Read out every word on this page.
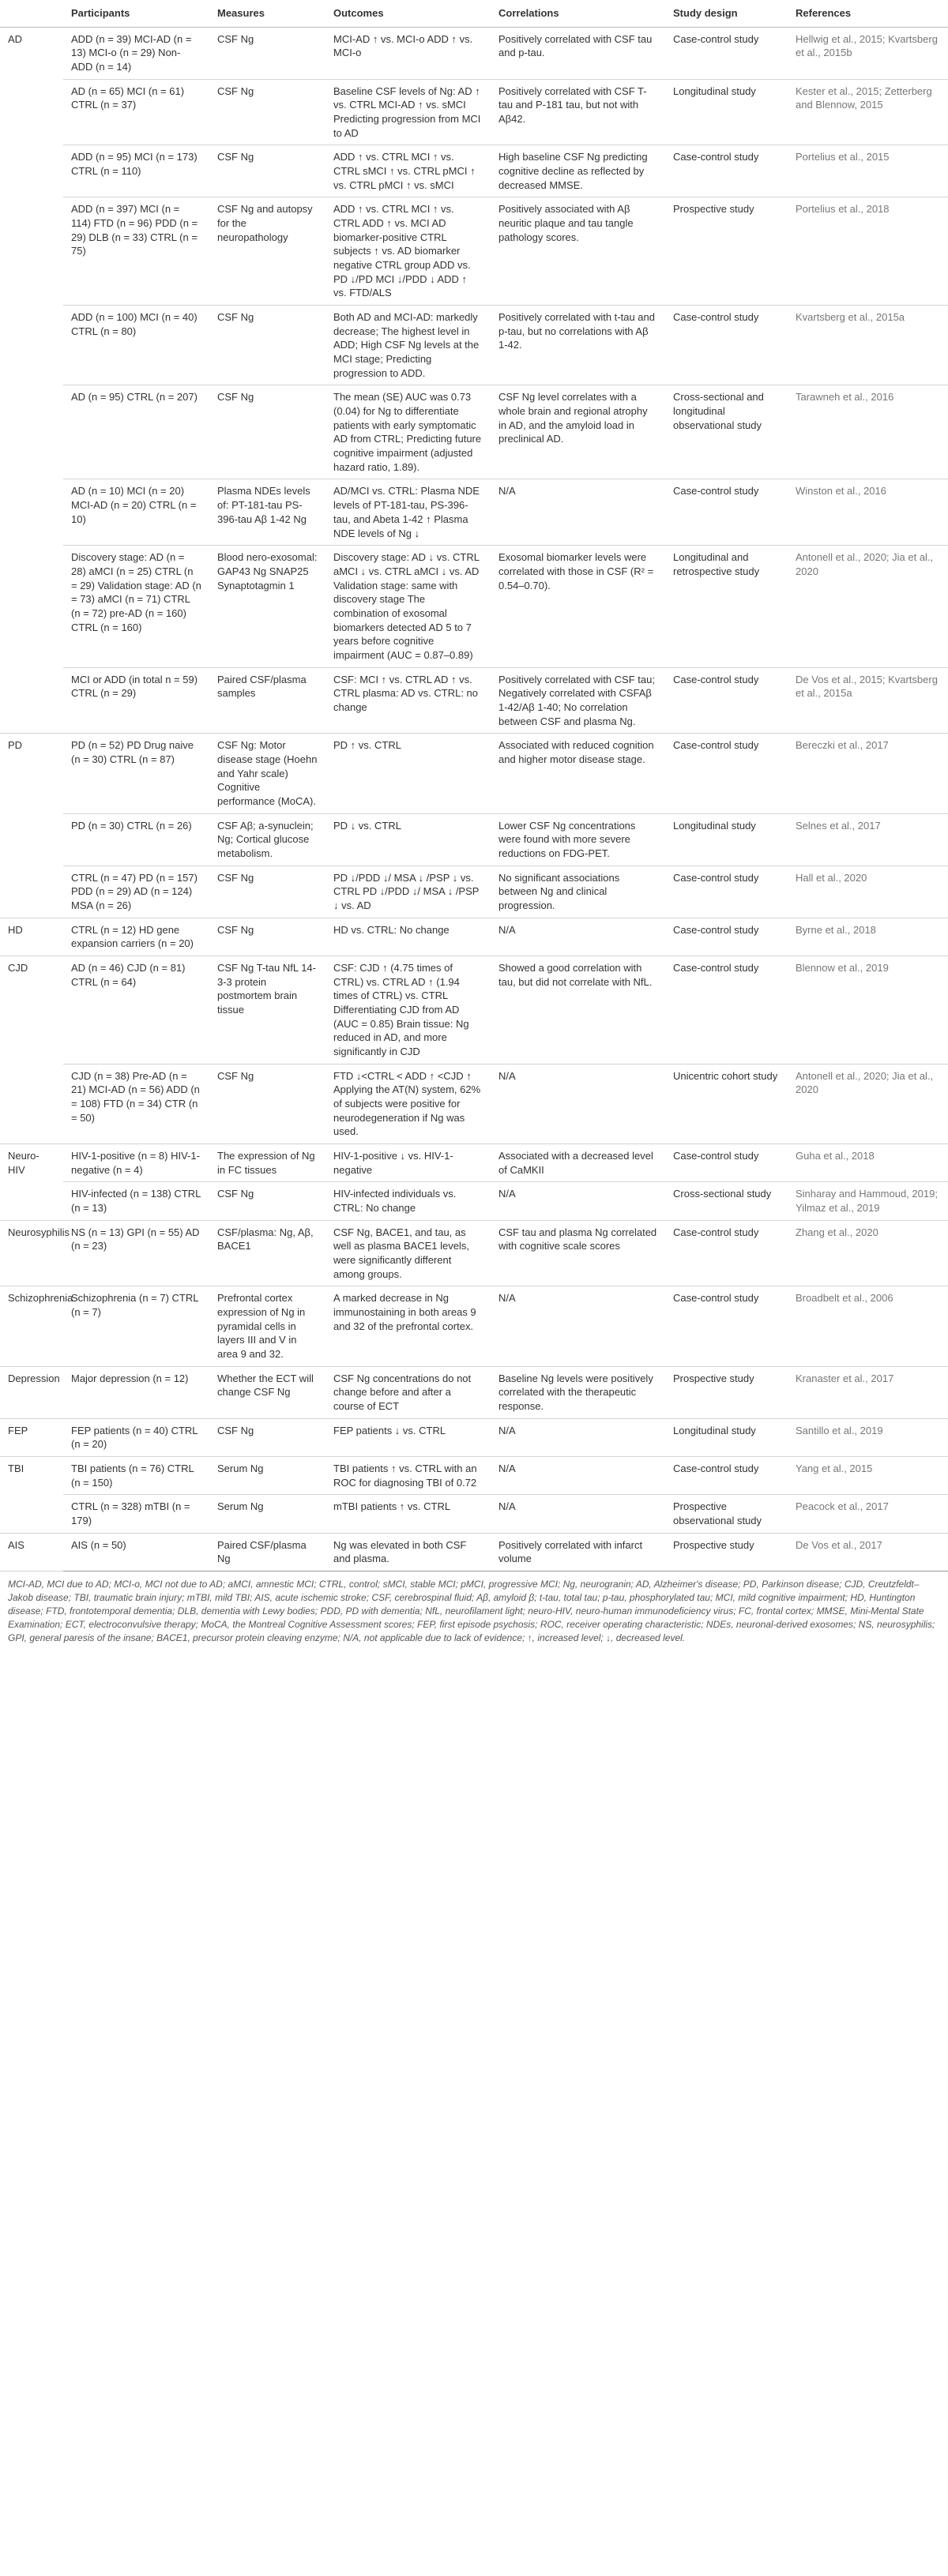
	Participants	Measures	Outcomes	Correlations	Study design	References
AD	ADD (n = 39) MCI-AD (n = 13) MCI-o (n = 29) Non-ADD (n = 14)	CSF Ng	MCI-AD ↑ vs. MCI-o ADD ↑ vs. MCI-o	Positively correlated with CSF tau and p-tau.	Case-control study	Hellwig et al., 2015; Kvartsberg et al., 2015b
	AD (n = 65) MCI (n = 61) CTRL (n = 37)	CSF Ng	Baseline CSF levels of Ng: AD ↑ vs. CTRL MCI-AD ↑ vs. sMCI Predicting progression from MCI to AD	Positively correlated with CSF T-tau and P-181 tau, but not with Aβ42.	Longitudinal study	Kester et al., 2015; Zetterberg and Blennow, 2015
	ADD (n = 95) MCI (n = 173) CTRL (n = 110)	CSF Ng	ADD ↑ vs. CTRL MCI ↑ vs. CTRL sMCI ↑ vs. CTRL pMCI ↑ vs. CTRL pMCI ↑ vs. sMCI	High baseline CSF Ng predicting cognitive decline as reflected by decreased MMSE.	Case-control study	Portelius et al., 2015
	ADD (n = 397) MCI (n = 114) FTD (n = 96) PDD (n = 29) DLB (n = 33) CTRL (n = 75)	CSF Ng and autopsy for the neuropathology	ADD ↑ vs. CTRL MCI ↑ vs. CTRL ADD ↑ vs. MCI AD biomarker-positive CTRL subjects ↑ vs. AD biomarker negative CTRL group ADD vs. PD ↓/PD MCI ↓/PDD ↓ ADD ↑ vs. FTD/ALS	Positively associated with Aβ neuritic plaque and tau tangle pathology scores.	Prospective study	Portelius et al., 2018
	ADD (n = 100) MCI (n = 40) CTRL (n = 80)	CSF Ng	Both AD and MCI-AD: markedly decrease; The highest level in ADD; High CSF Ng levels at the MCI stage; Predicting progression to ADD.	Positively correlated with t-tau and p-tau, but no correlations with Aβ 1-42.	Case-control study	Kvartsberg et al., 2015a
	AD (n = 95) CTRL (n = 207)	CSF Ng	The mean (SE) AUC was 0.73 (0.04) for Ng to differentiate patients with early symptomatic AD from CTRL; Predicting future cognitive impairment (adjusted hazard ratio, 1.89).	CSF Ng level correlates with a whole brain and regional atrophy in AD, and the amyloid load in preclinical AD.	Cross-sectional and longitudinal observational study	Tarawneh et al., 2016
	AD (n = 10) MCI (n = 20) MCI-AD (n = 20) CTRL (n = 10)	Plasma NDEs levels of: PT-181-tau PS-396-tau Aβ 1-42 Ng	AD/MCI vs. CTRL: Plasma NDE levels of PT-181-tau, PS-396-tau, and Abeta 1-42 ↑ Plasma NDE levels of Ng ↓	N/A	Case-control study	Winston et al., 2016
	Discovery stage: AD (n = 28) aMCI (n = 25) CTRL (n = 29) Validation stage: AD (n = 73) aMCI (n = 71) CTRL (n = 72) pre-AD (n = 160) CTRL (n = 160)	Blood nero-exosomal: GAP43 Ng SNAP25 Synaptotagmin 1	Discovery stage: AD ↓ vs. CTRL aMCI ↓ vs. CTRL aMCI ↓ vs. AD Validation stage: same with discovery stage The combination of exosomal biomarkers detected AD 5 to 7 years before cognitive impairment (AUC = 0.87–0.89)	Exosomal biomarker levels were correlated with those in CSF (R² = 0.54–0.70).	Longitudinal and retrospective study	Antonell et al., 2020; Jia et al., 2020
	MCI or ADD (in total n = 59) CTRL (n = 29)	Paired CSF/plasma samples	CSF: MCI ↑ vs. CTRL AD ↑ vs. CTRL plasma: AD vs. CTRL: no change	Positively correlated with CSF tau; Negatively correlated with CSFAβ 1-42/Aβ 1-40; No correlation between CSF and plasma Ng.	Case-control study	De Vos et al., 2015; Kvartsberg et al., 2015a
PD	PD (n = 52) PD Drug naive (n = 30) CTRL (n = 87)	CSF Ng: Motor disease stage (Hoehn and Yahr scale) Cognitive performance (MoCA).	PD ↑ vs. CTRL	Associated with reduced cognition and higher motor disease stage.	Case-control study	Bereczki et al., 2017
	PD (n = 30) CTRL (n = 26)	CSF Aβ; a-synuclein; Ng; Cortical glucose metabolism.	PD ↓ vs. CTRL	Lower CSF Ng concentrations were found with more severe reductions on FDG-PET.	Longitudinal study	Selnes et al., 2017
	CTRL (n = 47) PD (n = 157) PDD (n = 29) AD (n = 124) MSA (n = 26)	CSF Ng	PD ↓/PDD ↓/ MSA ↓ /PSP ↓ vs. CTRL PD ↓/PDD ↓/ MSA ↓ /PSP ↓ vs. AD	No significant associations between Ng and clinical progression.	Case-control study	Hall et al., 2020
HD	CTRL (n = 12) HD gene expansion carriers (n = 20)	CSF Ng	HD vs. CTRL: No change	N/A	Case-control study	Byrne et al., 2018
CJD	AD (n = 46) CJD (n = 81) CTRL (n = 64)	CSF Ng T-tau NfL 14-3-3 protein postmortem brain tissue	CSF: CJD ↑ (4.75 times of CTRL) vs. CTRL AD ↑ (1.94 times of CTRL) vs. CTRL Differentiating CJD from AD (AUC = 0.85) Brain tissue: Ng reduced in AD, and more significantly in CJD	Showed a good correlation with tau, but did not correlate with NfL.	Case-control study	Blennow et al., 2019
	CJD (n = 38) Pre-AD (n = 21) MCI-AD (n = 56) ADD (n = 108) FTD (n = 34) CTR (n = 50)	CSF Ng	FTD ↓<CTRL < ADD ↑ <CJD ↑ Applying the AT(N) system, 62% of subjects were positive for neurodegeneration if Ng was used.	N/A	Unicentric cohort study	Antonell et al., 2020; Jia et al., 2020
Neuro-HIV	HIV-1-positive (n = 8) HIV-1-negative (n = 4)	The expression of Ng in FC tissues	HIV-1-positive ↓ vs. HIV-1-negative	Associated with a decreased level of CaMKII	Case-control study	Guha et al., 2018
	HIV-infected (n = 138) CTRL (n = 13)	CSF Ng	HIV-infected individuals vs. CTRL: No change	N/A	Cross-sectional study	Sinharay and Hammoud, 2019; Yilmaz et al., 2019
Neurosyphilis	NS (n = 13) GPI (n = 55) AD (n = 23)	CSF/plasma: Ng, Aβ, BACE1	CSF Ng, BACE1, and tau, as well as plasma BACE1 levels, were significantly different among groups.	CSF tau and plasma Ng correlated with cognitive scale scores	Case-control study	Zhang et al., 2020
Schizophrenia	Schizophrenia (n = 7) CTRL (n = 7)	Prefrontal cortex expression of Ng in pyramidal cells in layers III and V in area 9 and 32.	A marked decrease in Ng immunostaining in both areas 9 and 32 of the prefrontal cortex.	N/A	Case-control study	Broadbelt et al., 2006
Depression	Major depression (n = 12)	Whether the ECT will change CSF Ng	CSF Ng concentrations do not change before and after a course of ECT	Baseline Ng levels were positively correlated with the therapeutic response.	Prospective study	Kranaster et al., 2017
FEP	FEP patients (n = 40) CTRL (n = 20)	CSF Ng	FEP patients ↓ vs. CTRL	N/A	Longitudinal study	Santillo et al., 2019
TBI	TBI patients (n = 76) CTRL (n = 150)	Serum Ng	TBI patients ↑ vs. CTRL with an ROC for diagnosing TBI of 0.72	N/A	Case-control study	Yang et al., 2015
	CTRL (n = 328) mTBI (n = 179)	Serum Ng	mTBI patients ↑ vs. CTRL	N/A	Prospective observational study	Peacock et al., 2017
AIS	AIS (n = 50)	Paired CSF/plasma Ng	Ng was elevated in both CSF and plasma.	Positively correlated with infarct volume	Prospective study	De Vos et al., 2017
MCI-AD, MCI due to AD; MCI-o, MCI not due to AD; aMCI, amnestic MCI; CTRL, control; sMCI, stable MCI; pMCI, progressive MCI; Ng, neurogranin; AD, Alzheimer's disease; PD, Parkinson disease; CJD, Creutzfeldt–Jakob disease; TBI, traumatic brain injury; mTBI, mild TBI; AIS, acute ischemic stroke; CSF, cerebrospinal fluid; Aβ, amyloid β; t-tau, total tau; p-tau, phosphorylated tau; MCI, mild cognitive impairment; HD, Huntington disease; FTD, frontotemporal dementia; DLB, dementia with Lewy bodies; PDD, PD with dementia; NfL, neurofilament light; neuro-HIV, neuro-human immunodeficiency virus; FC, frontal cortex; MMSE, Mini-Mental State Examination; ECT, electroconvulsive therapy; MoCA, the Montreal Cognitive Assessment scores; FEP, first episode psychosis; ROC, receiver operating characteristic; NDEs, neuronal-derived exosomes; NS, neurosyphilis; GPI, general paresis of the insane; BACE1, precursor protein cleaving enzyme; N/A, not applicable due to lack of evidence; ↑, increased level; ↓, decreased level.
